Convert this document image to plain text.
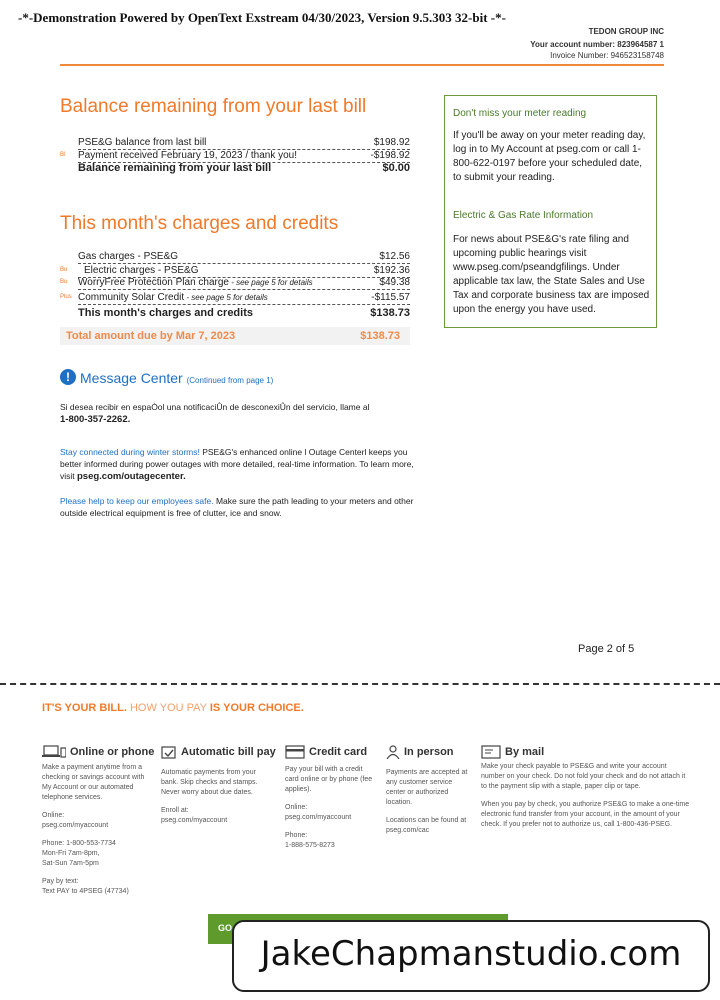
-*-Demonstration Powered by OpenText Exstream 04/30/2023, Version 9.5.303 32-bit -*-
TEDON GROUP INC
Your account number: 823964587 1
Invoice Number: 946523158748
Balance remaining from your last bill
PSE&G balance from last bill	$198.92
BI Payment received February 19, 2023 / thank you!	-$198.92
Balance remaining from your last bill	$0.00
This month's charges and credits
Gas charges - PSE&G	$12.56
Bu Electric charges - PSE&G	$192.36
Bu WorryFree Protection Plan charge - see page 5 for details	$49.38
Plus Community Solar Credit - see page 5 for details	-$115.57
This month's charges and credits	$138.73
Total amount due by Mar 7, 2023	$138.73
! Message Center (Continued from page 1)
Si desea recibir en espaÒol una notificaciÛn de desconexiÛn del servicio, llame al
1-800-357-2262.
Stay connected during winter storms! PSE&G's enhanced online l Outage Centerl keeps you better informed during power outages with more detailed, real-time information. To learn more, visit pseg.com/outagecenter.
Please help to keep our employees safe. Make sure the path leading to your meters and other outside electrical equipment is free of clutter, ice and snow.
Don't miss your meter reading
If you'll be away on your meter reading day, log in to My Account at pseg.com or call 1-800-622-0197 before your scheduled date, to submit your reading.
Electric & Gas Rate Information
For news about PSE&G's rate filing and upcoming public hearings visit www.pseg.com/pseandgfilings. Under applicable tax law, the State Sales and Use Tax and corporate business tax are imposed upon the energy you have used.
Page 2 of 5
IT'S YOUR BILL. HOW YOU PAY IS YOUR CHOICE.
Online or phone
Make a payment anytime from a checking or savings account with My Account or our automated telephone services.
Online:
pseg.com/myaccount
Phone: 1-800-553-7734
Mon-Fri 7am-8pm,
Sat-Sun 7am-5pm
Pay by text:
Text PAY to 4PSEG (47734)
Automatic bill pay
Automatic payments from your bank. Skip checks and stamps. Never worry about due dates.
Enroll at:
pseg.com/myaccount
Credit card
Pay your bill with a credit card online or by phone (fee applies).
Online:
pseg.com/myaccount
Phone:
1-888-575-8273
In person
Payments are accepted at any customer service center or authorized location.
Locations can be found at
pseg.com/cac
By mail
Make your check payable to PSE&G and write your account number on your check. Do not fold your check and do not attach it to the payment slip with a staple, paper clip or tape.
When you pay by check, you authorize PSE&G to make a one-time electronic fund transfer from your account, in the amount of your check. If you prefer not to authorize us, call 1-800-436-PSEG.
GO
JakeChapmanstudio.com
